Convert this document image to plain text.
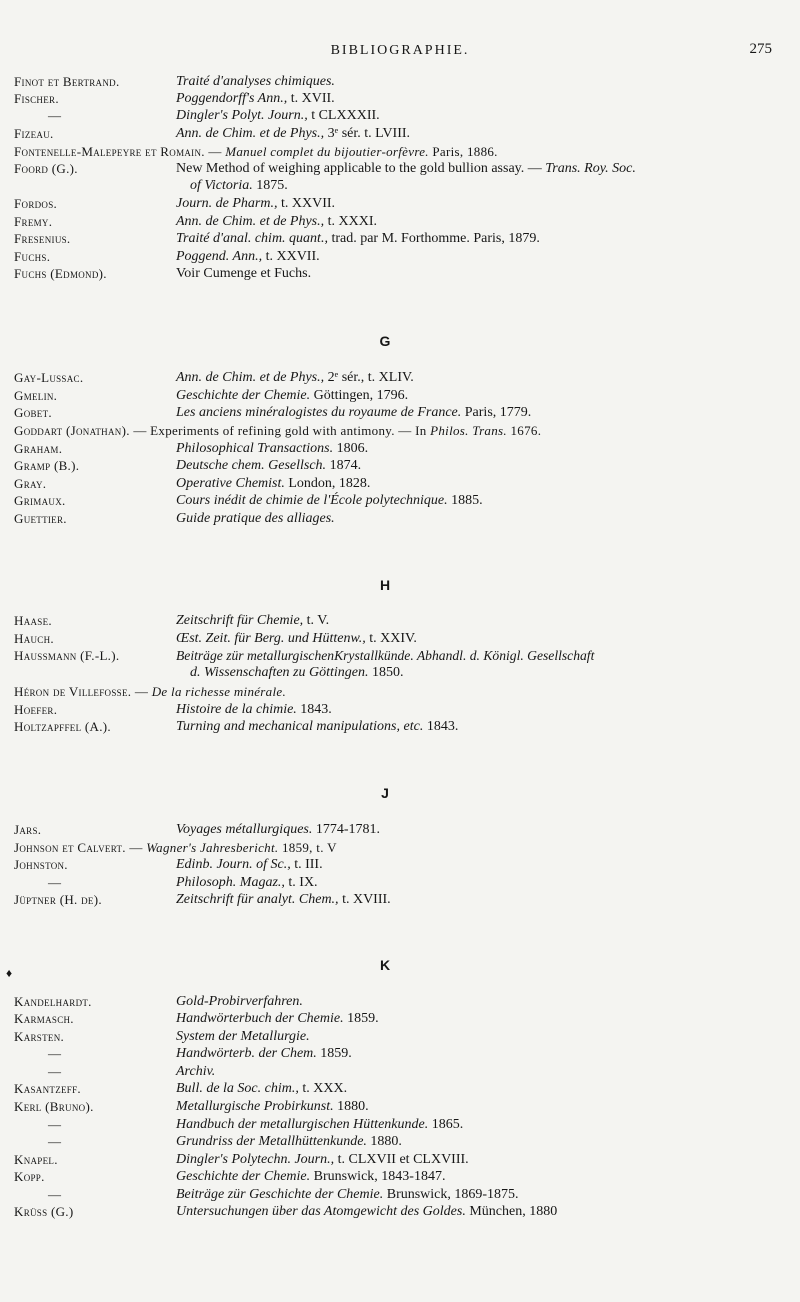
BIBLIOGRAPHIE.	275
Finot et Bertrand.	Traité d'analyses chimiques.
Fischer.	Poggendorff's Ann., t. XVII.
—	Dingler's Polyt. Journ., t CLXXXII.
Fizeau.	Ann. de Chim. et de Phys., 3ᵉ sér. t. LVIII.
Fontenelle-Malepeyre et Romain. — Manuel complet du bijoutier-orfèvre. Paris, 1886.
Foord (G.).	New Method of weighing applicable to the gold bullion assay. — Trans. Roy. Soc.
of Victoria. 1875.
Fordos.	Journ. de Pharm., t. XXVII.
Fremy.	Ann. de Chim. et de Phys., t. XXXI.
Fresenius.	Traité d'anal. chim. quant., trad. par M. Forthomme. Paris, 1879.
Fuchs.	Poggend. Ann., t. XXVII.
Fuchs (Edmond).	Voir Cumenge et Fuchs.
G
Gay-Lussac.	Ann. de Chim. et de Phys., 2ᵉ sér., t. XLIV.
Gmelin.	Geschichte der Chemie. Göttingen, 1796.
Gobet.	Les anciens minéralogistes du royaume de France. Paris, 1779.
Goddart (Jonathan). — Experiments of refining gold with antimony. — In Philos. Trans. 1676.
Graham.	Philosophical Transactions. 1806.
Gramp (B.).	Deutsche chem. Gesellsch. 1874.
Gray.	Operative Chemist. London, 1828.
Grimaux.	Cours inédit de chimie de l'École polytechnique. 1885.
Guettier.	Guide pratique des alliages.
H
Haase.	Zeitschrift für Chemie, t. V.
Hauch.	Œst. Zeit. für Berg. und Hüttenw., t. XXIV.
Haussmann (F.-L.).	Beiträge zür metallurgischenKrystallkünde. Abhandl. d. Königl. Gesellschaft
d. Wissenschaften zu Göttingen. 1850.
Héron de Villefosse. — De la richesse minérale.
Hoefer.	Histoire de la chimie. 1843.
Holtzapffel (A.).	Turning and mechanical manipulations, etc. 1843.
J
Jars.	Voyages métallurgiques. 1774-1781.
Johnson et Calvert. — Wagner's Jahresbericht. 1859, t. V
Johnston.	Edinb. Journ. of Sc., t. III.
—	Philosoph. Magaz., t. IX.
Jüptner (H. de).	Zeitschrift für analyt. Chem., t. XVIII.
♦	K
Kandelhardt.	Gold-Probirverfahren.
Karmasch.	Handwörterbuch der Chemie. 1859.
Karsten.	System der Metallurgie.
—	Handwörterb. der Chem. 1859.
—	Archiv.
Kasantzeff.	Bull. de la Soc. chim., t. XXX.
Kerl (Bruno).	Metallurgische Probirkunst. 1880.
—	Handbuch der metallurgischen Hüttenkunde. 1865.
—	Grundriss der Metallhüttenkunde. 1880.
Knapel.	Dingler's Polytechn. Journ., t. CLXVII et CLXVIII.
Kopp.	Geschichte der Chemie. Brunswick, 1843-1847.
—	Beiträge zür Geschichte der Chemie. Brunswick, 1869-1875.
Krüss (G.)	Untersuchungen über das Atomgewicht des Goldes. München, 1880
